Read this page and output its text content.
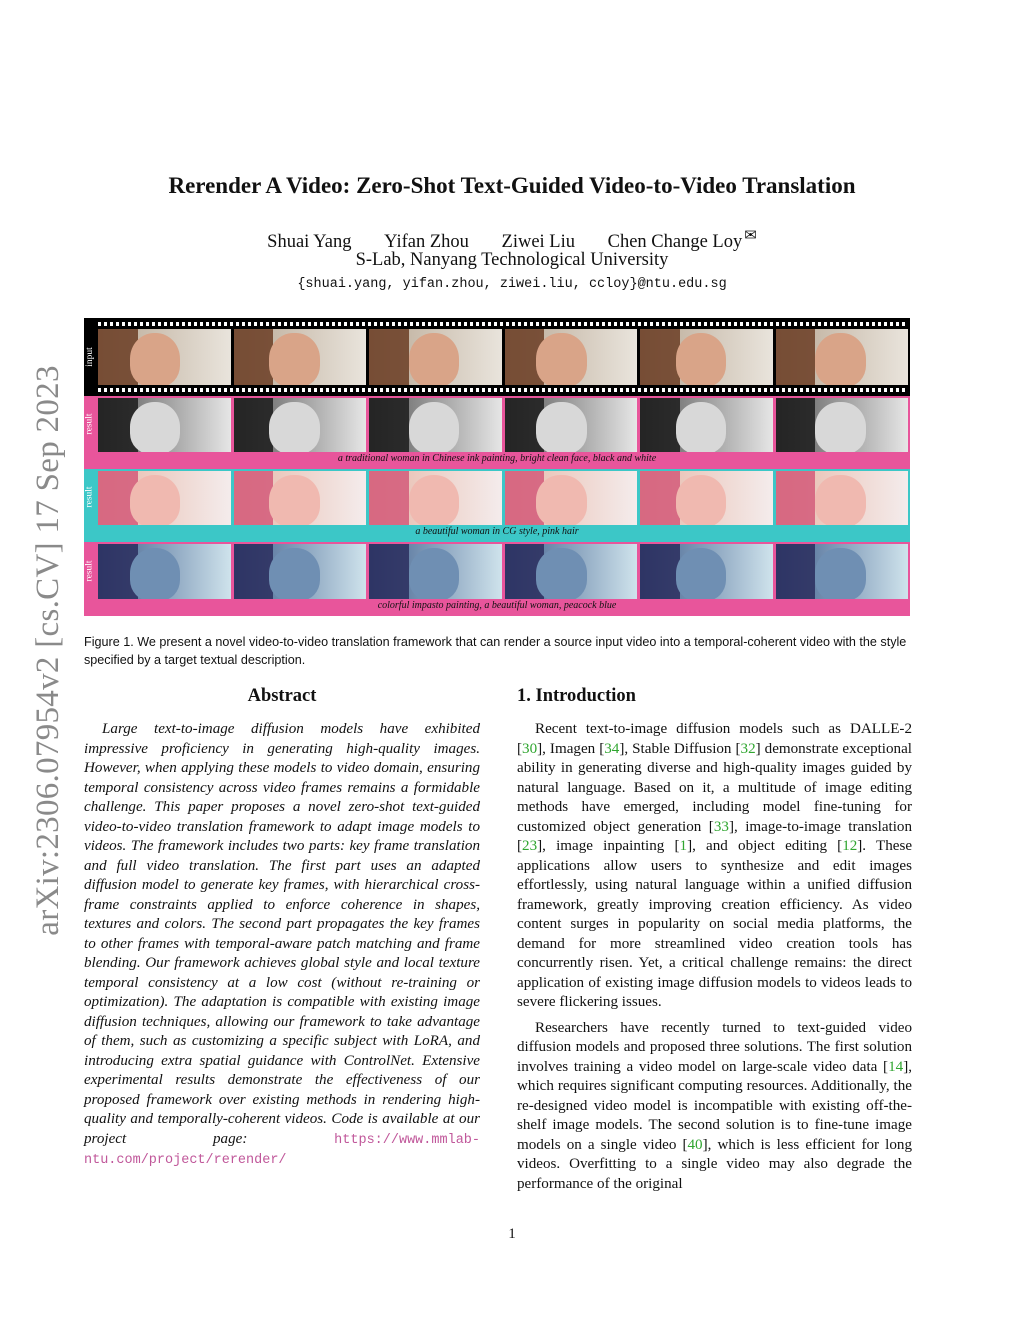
arXiv:2306.07954v2 [cs.CV] 17 Sep 2023
Rerender A Video: Zero-Shot Text-Guided Video-to-Video Translation
Shuai Yang Yifan Zhou Ziwei Liu Chen Change Loy ✉
S-Lab, Nanyang Technological University
{shuai.yang, yifan.zhou, ziwei.liu, ccloy}@ntu.edu.sg
input
result
a traditional woman in Chinese ink painting, bright clean face, black and white
result
a beautiful woman in CG style, pink hair
result
colorful impasto painting, a beautiful woman, peacock blue
Figure 1. We present a novel video-to-video translation framework that can render a source input video into a temporal-coherent video with the style specified by a target textual description.
Abstract
Large text-to-image diffusion models have exhibited impressive proficiency in generating high-quality images. However, when applying these models to video domain, ensuring temporal consistency across video frames remains a formidable challenge. This paper proposes a novel zero-shot text-guided video-to-video translation framework to adapt image models to videos. The framework includes two parts: key frame translation and full video translation. The first part uses an adapted diffusion model to generate key frames, with hierarchical cross-frame constraints applied to enforce coherence in shapes, textures and colors. The second part propagates the key frames to other frames with temporal-aware patch matching and frame blending. Our framework achieves global style and local texture temporal consistency at a low cost (without re-training or optimization). The adaptation is compatible with existing image diffusion techniques, allowing our framework to take advantage of them, such as customizing a specific subject with LoRA, and introducing extra spatial guidance with ControlNet. Extensive experimental results demonstrate the effectiveness of our proposed framework over existing methods in rendering high-quality and temporally-coherent videos. Code is available at our project page: https://www.mmlab-ntu.com/project/rerender/
1. Introduction

Recent text-to-image diffusion models such as DALLE-2 [30], Imagen [34], Stable Diffusion [32] demonstrate exceptional ability in generating diverse and high-quality images guided by natural language. Based on it, a multitude of image editing methods have emerged, including model fine-tuning for customized object generation [33], image-to-image translation [23], image inpainting [1], and object editing [12]. These applications allow users to synthesize and edit images effortlessly, using natural language within a unified diffusion framework, greatly improving creation efficiency. As video content surges in popularity on social media platforms, the demand for more streamlined video creation tools has concurrently risen. Yet, a critical challenge remains: the direct application of existing image diffusion models to videos leads to severe flickering issues.

Researchers have recently turned to text-guided video diffusion models and proposed three solutions. The first solution involves training a video model on large-scale video data [14], which requires significant computing resources. Additionally, the re-designed video model is incompatible with existing off-the-shelf image models. The second solution is to fine-tune image models on a single video [40], which is less efficient for long videos. Overfitting to a single video may also degrade the performance of the original

1
